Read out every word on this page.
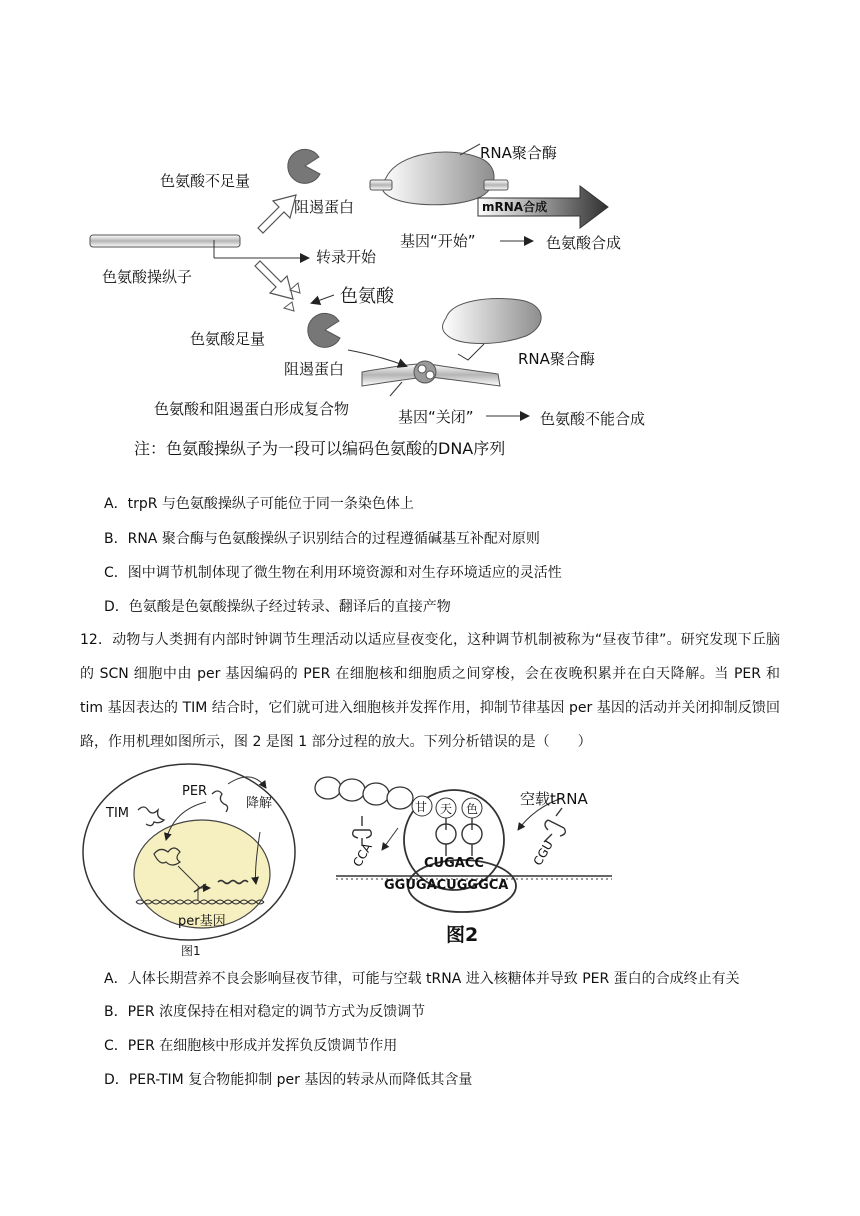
色氨酸不足量
阻遏蛋白
RNA聚合酶
mRNA合成
基因“开始”	色氨酸合成
转录开始
色氨酸操纵子
色氨酸
色氨酸足量
阻遏蛋白
RNA聚合酶
色氨酸和阻遏蛋白形成复合物	基因“关闭”	色氨酸不能合成
注：色氨酸操纵子为一段可以编码色氨酸的DNA序列
A．trpR 与色氨酸操纵子可能位于同一条染色体上
B．RNA 聚合酶与色氨酸操纵子识别结合的过程遵循碱基互补配对原则
C．图中调节机制体现了微生物在利用环境资源和对生存环境适应的灵活性
D．色氨酸是色氨酸操纵子经过转录、翻译后的直接产物
12．动物与人类拥有内部时钟调节生理活动以适应昼夜变化，这种调节机制被称为“昼夜节律”。研究发现下丘脑的 SCN 细胞中由 per 基因编码的 PER 在细胞核和细胞质之间穿梭，会在夜晚积累并在白天降解。当 PER 和 tim 基因表达的 TIM 结合时，它们就可进入细胞核并发挥作用，抑制节律基因 per 基因的活动并关闭抑制反馈回路，作用机理如图所示，图 2 是图 1 部分过程的放大。下列分析错误的是（　　）
TIM
PER
降解
per基因
图1
甘 天 色
空载tRNA
CCA	CGU
CUGACC
GGUGACUGGGCA
图2
A．人体长期营养不良会影响昼夜节律，可能与空载 tRNA 进入核糖体并导致 PER 蛋白的合成终止有关
B．PER 浓度保持在相对稳定的调节方式为反馈调节
C．PER 在细胞核中形成并发挥负反馈调节作用
D．PER-TIM 复合物能抑制 per 基因的转录从而降低其含量
